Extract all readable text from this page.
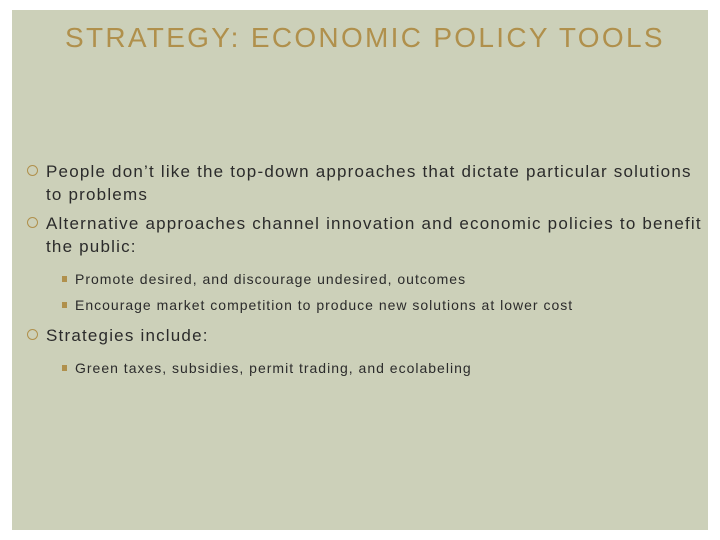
STRATEGY: ECONOMIC POLICY TOOLS
People don’t like the top-down approaches that dictate particular solutions to problems
Alternative approaches channel innovation and economic policies to benefit the public:
Promote desired, and discourage undesired, outcomes
Encourage market competition to produce new solutions at lower cost
Strategies include:
Green taxes, subsidies, permit trading, and ecolabeling
